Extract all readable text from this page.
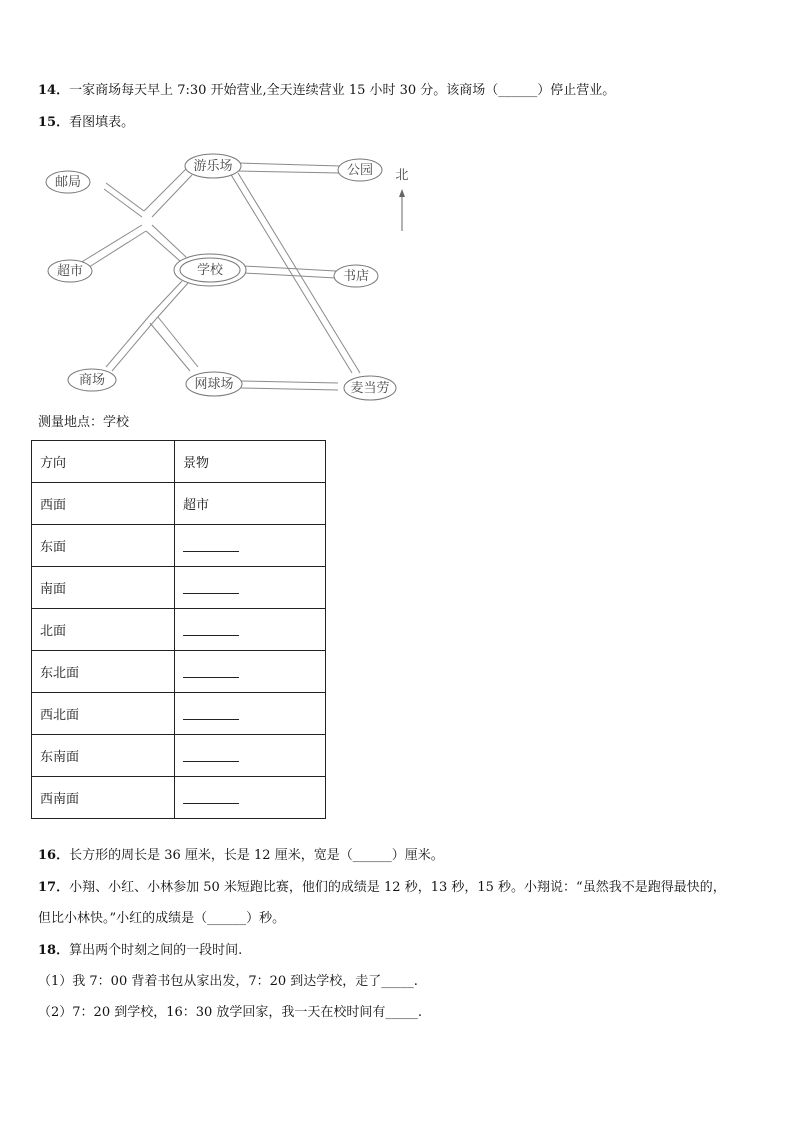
14．一家商场每天早上 7:30 开始营业,全天连续营业 15 小时 30 分。该商场（______）停止营业。
15．看图填表。
邮局
超市
游乐场	公园
学校	书店
商场	网球场	麦当劳
北
测量地点：学校
方向	景物
西面	超市
东面	
南面	
北面	
东北面	
西北面	
东南面	
西南面	
16．长方形的周长是 36 厘米，长是 12 厘米，宽是（______）厘米。
17．小翔、小红、小林参加 50 米短跑比赛，他们的成绩是 12 秒，13 秒，15 秒。小翔说：“虽然我不是跑得最快的，
但比小林快。”小红的成绩是（______）秒。
18．算出两个时刻之间的一段时间.
（1）我 7：00 背着书包从家出发，7：20 到达学校，走了_____.
（2）7：20 到学校，16：30 放学回家，我一天在校时间有_____.
